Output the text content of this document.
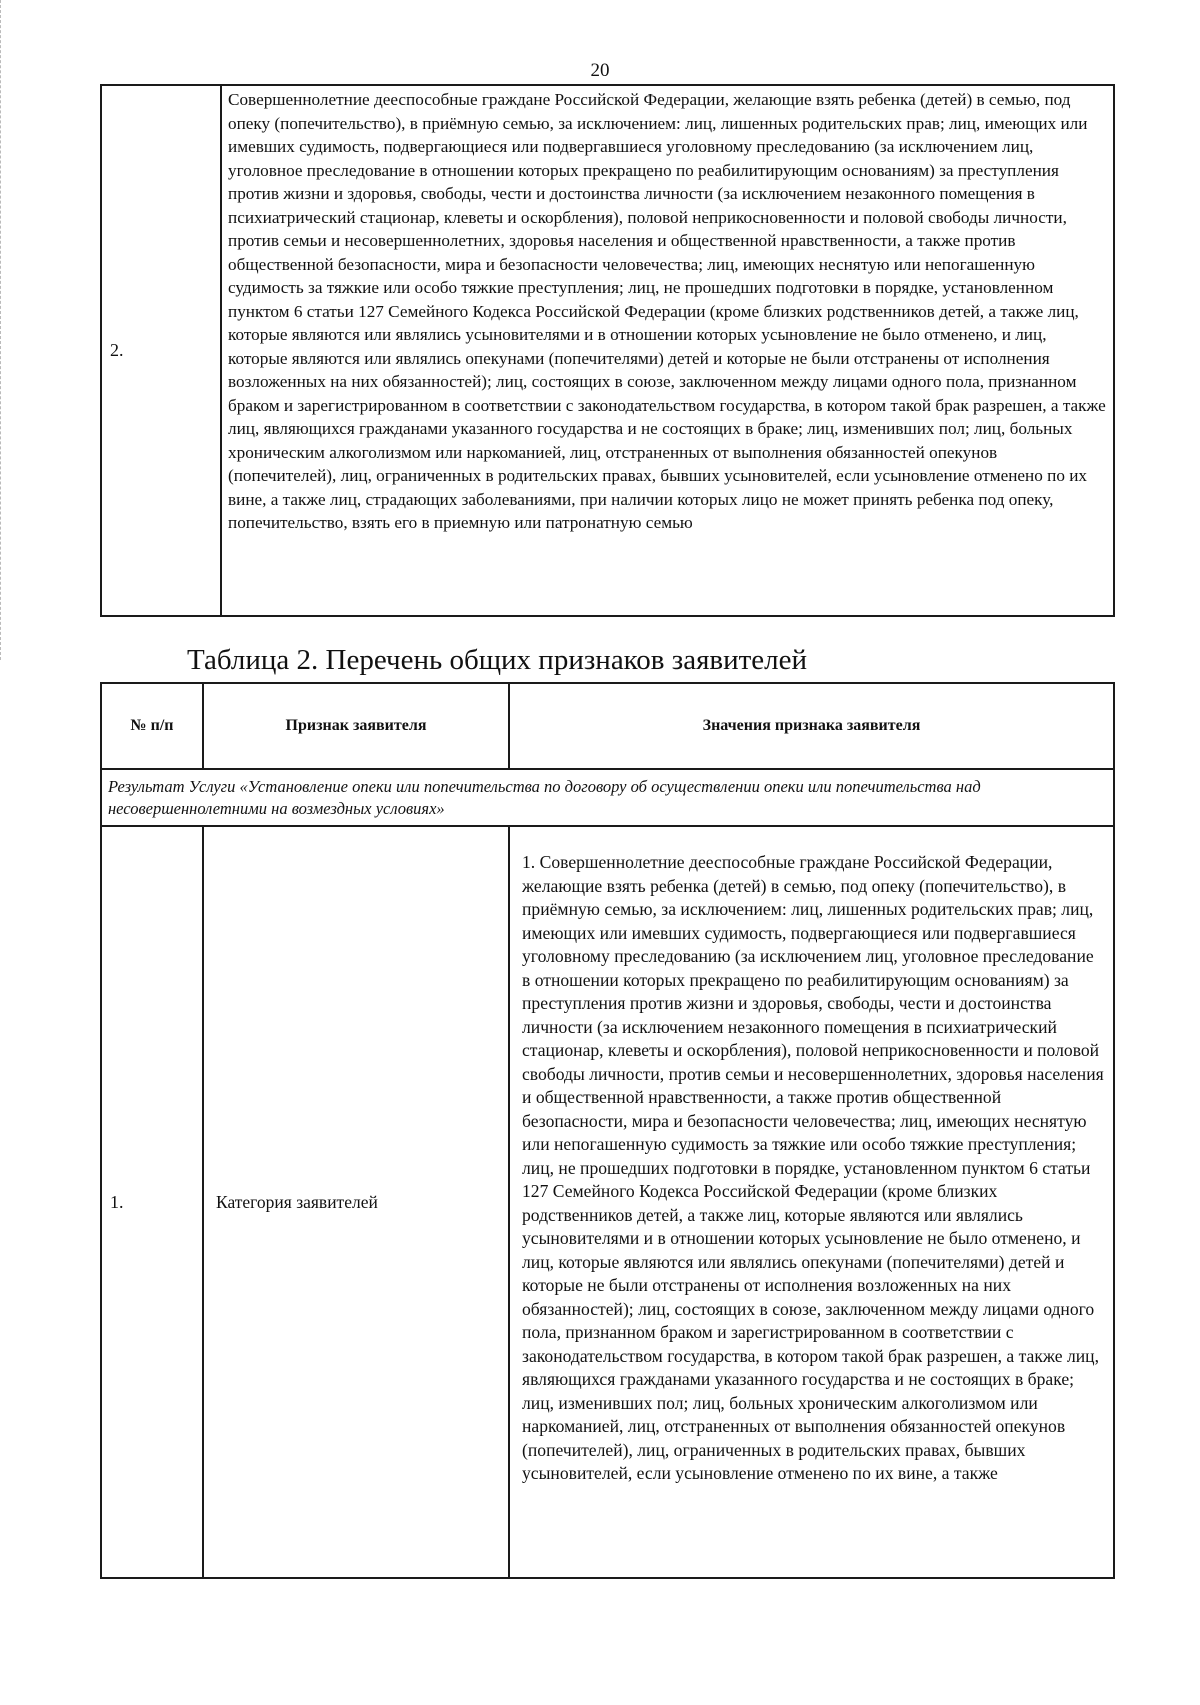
20
2.	Совершеннолетние дееспособные граждане Российской Федерации, желающие взять ребенка (детей) в семью, под опеку (попечительство), в приёмную семью, за исключением: лиц, лишенных родительских прав; лиц, имеющих или имевших судимость, подвергающиеся или подвергавшиеся уголовному преследованию (за исключением лиц, уголовное преследование в отношении которых прекращено по реабилитирующим основаниям) за преступления против жизни и здоровья, свободы, чести и достоинства личности (за исключением незаконного помещения в психиатрический стационар, клеветы и оскорбления), половой неприкосновенности и половой свободы личности, против семьи и несовершеннолетних, здоровья населения и общественной нравственности, а также против общественной безопасности, мира и безопасности человечества; лиц, имеющих неснятую или непогашенную судимость за тяжкие или особо тяжкие преступления; лиц, не прошедших подготовки в порядке, установленном пунктом 6 статьи 127 Семейного Кодекса Российской Федерации (кроме близких родственников детей, а также лиц, которые являются или являлись усыновителями и в отношении которых усыновление не было отменено, и лиц, которые являются или являлись опекунами (попечителями) детей и которые не были отстранены от исполнения возложенных на них обязанностей); лиц, состоящих в союзе, заключенном между лицами одного пола, признанном браком и зарегистрированном в соответствии с законодательством государства, в котором такой брак разрешен, а также лиц, являющихся гражданами указанного государства и не состоящих в браке; лиц, изменивших пол; лиц, больных хроническим алкоголизмом или наркоманией, лиц, отстраненных от выполнения обязанностей опекунов (попечителей), лиц, ограниченных в родительских правах, бывших усыновителей, если усыновление отменено по их вине, а также лиц, страдающих заболеваниями, при наличии которых лицо не может принять ребенка под опеку, попечительство, взять его в приемную или патронатную семью
Таблица 2. Перечень общих признаков заявителей
№ п/п	Признак заявителя	Значения признака заявителя
Результат Услуги «Установление опеки или попечительства по договору об осуществлении опеки или попечительства над несовершеннолетними на возмездных условиях»		
1.	Категория заявителей	1. Совершеннолетние дееспособные граждане Российской Федерации, желающие взять ребенка (детей) в семью, под опеку (попечительство), в приёмную семью, за исключением: лиц, лишенных родительских прав; лиц, имеющих или имевших судимость, подвергающиеся или подвергавшиеся уголовному преследованию (за исключением лиц, уголовное преследование в отношении которых прекращено по реабилитирующим основаниям) за преступления против жизни и здоровья, свободы, чести и достоинства личности (за исключением незаконного помещения в психиатрический стационар, клеветы и оскорбления), половой неприкосновенности и половой свободы личности, против семьи и несовершеннолетних, здоровья населения и общественной нравственности, а также против общественной безопасности, мира и безопасности человечества; лиц, имеющих неснятую или непогашенную судимость за тяжкие или особо тяжкие преступления; лиц, не прошедших подготовки в порядке, установленном пунктом 6 статьи 127 Семейного Кодекса Российской Федерации (кроме близких родственников детей, а также лиц, которые являются или являлись усыновителями и в отношении которых усыновление не было отменено, и лиц, которые являются или являлись опекунами (попечителями) детей и которые не были отстранены от исполнения возложенных на них обязанностей); лиц, состоящих в союзе, заключенном между лицами одного пола, признанном браком и зарегистрированном в соответствии с законодательством государства, в котором такой брак разрешен, а также лиц, являющихся гражданами указанного государства и не состоящих в браке; лиц, изменивших пол; лиц, больных хроническим алкоголизмом или наркоманией, лиц, отстраненных от выполнения обязанностей опекунов (попечителей), лиц, ограниченных в родительских правах, бывших усыновителей, если усыновление отменено по их вине, а также
